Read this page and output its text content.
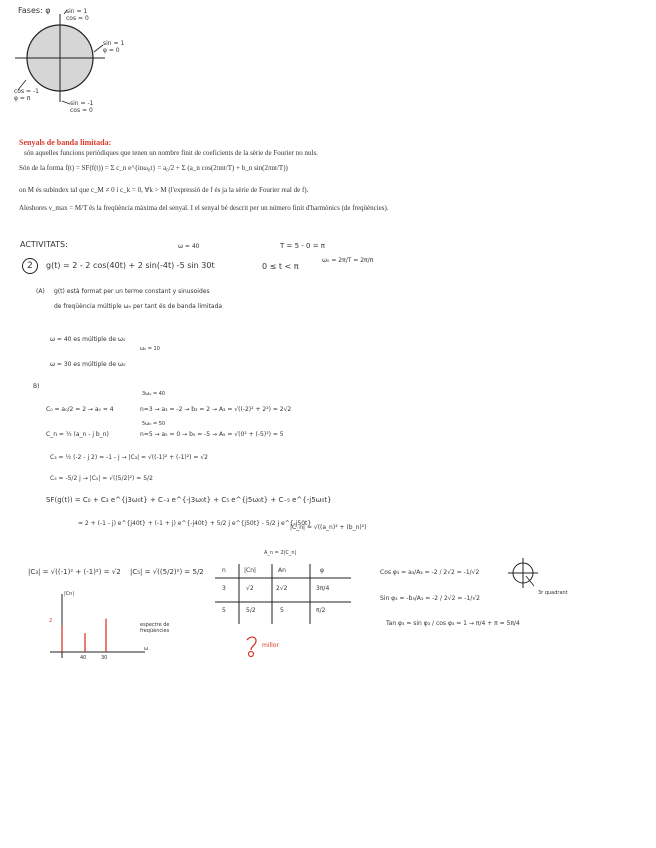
Fases: φ	sin = 1
cos = 0
sin = 1
φ = 0
cos = -1
φ = π
sin = -1
cos = 0
Senyals de banda limitada:
són aquelles funcions periòdiques que tenen un nombre finit de coeficients de la sèrie de Fourier no nuls.
Són de la forma f(t) = SF(f(t)) = Σ c_n e^{inω₀t} = a₀/2 + Σ (a_n cos(2πnt/T) + b_n sin(2πnt/T))
on M és subíndex tal que c_M ≠ 0 i c_k = 0, ∀k > M (l'expressió de f és ja la sèrie de Fourier real de f).
Aleshores ν_max = M/T és la freqüència màxima del senyal. I el senyal bé descrit per un número finit d'harmònics (de freqüències).
ACTIVITATS:	ω = 40	T = 5 - 0 = π
2	g(t) = 2 - 2 cos(40t) + 2 sin(-4t) -5 sin 30t	0 ≤ t < π
ω₀ = 2π/T = 2π/π
(A) g(t) està format per un terme constant y sinusoides
de freqüència múltiple ω₀ per tant és de banda limitada
ω = 40 es múltiple de ω₀
ω₀ = 10
ω = 30 es múltiple de ω₀
B)
3ω₀ = 40
C₀ = a₀/2 = 2 → a₀ = 4	n=3 → a₃ = -2 → b₃ = 2 → A₃ = √((-2)² + 2²) = 2√2
5ω₀ = 50
C_n = ½ (a_n - j b_n)	n=5 → a₅ = 0 → b₅ = -5 → A₅ = √(0² + (-5)²) = 5
C₃ = ½ (-2 - j 2) = -1 - j → |C₃| = √((-1)² + (-1)²) = √2
C₅ = -5/2 j → |C₅| = √((5/2)²) = 5/2
SF(g(t)) = C₀ + C₃ e^{j3ω₀t} + C₋₃ e^{-j3ω₀t} + C₅ e^{j5ω₀t} + C₋₅ e^{-j5ω₀t}
= 2 + (-1 - j) e^{j40t} + (-1 + j) e^{-j40t} + 5/2 j e^{j50t} - 5/2 j e^{-j50t}
|C_n| = √((a_n)² + (b_n)²)
A_n = 2|C_n|
|C₃| = √((-1)² + (-1)²) = √2 |C₅| = √((5/2)²) = 5/2	n	|Cn|	An	φ
3	√2	2√2	3π/4
5	5/2	5	π/2
|Cn|
ω
40	30
2
espectre de
freqüències
millor
Cos φ₃ = a₃/A₃ = -2 / 2√2 = -1/√2
Sin φ₃ = -b₃/A₃ = -2 / 2√2 = -1/√2
Tan φ₃ = sin φ₃ / cos φ₃ = 1 → π/4 + π = 5π/4
3r quadrant
